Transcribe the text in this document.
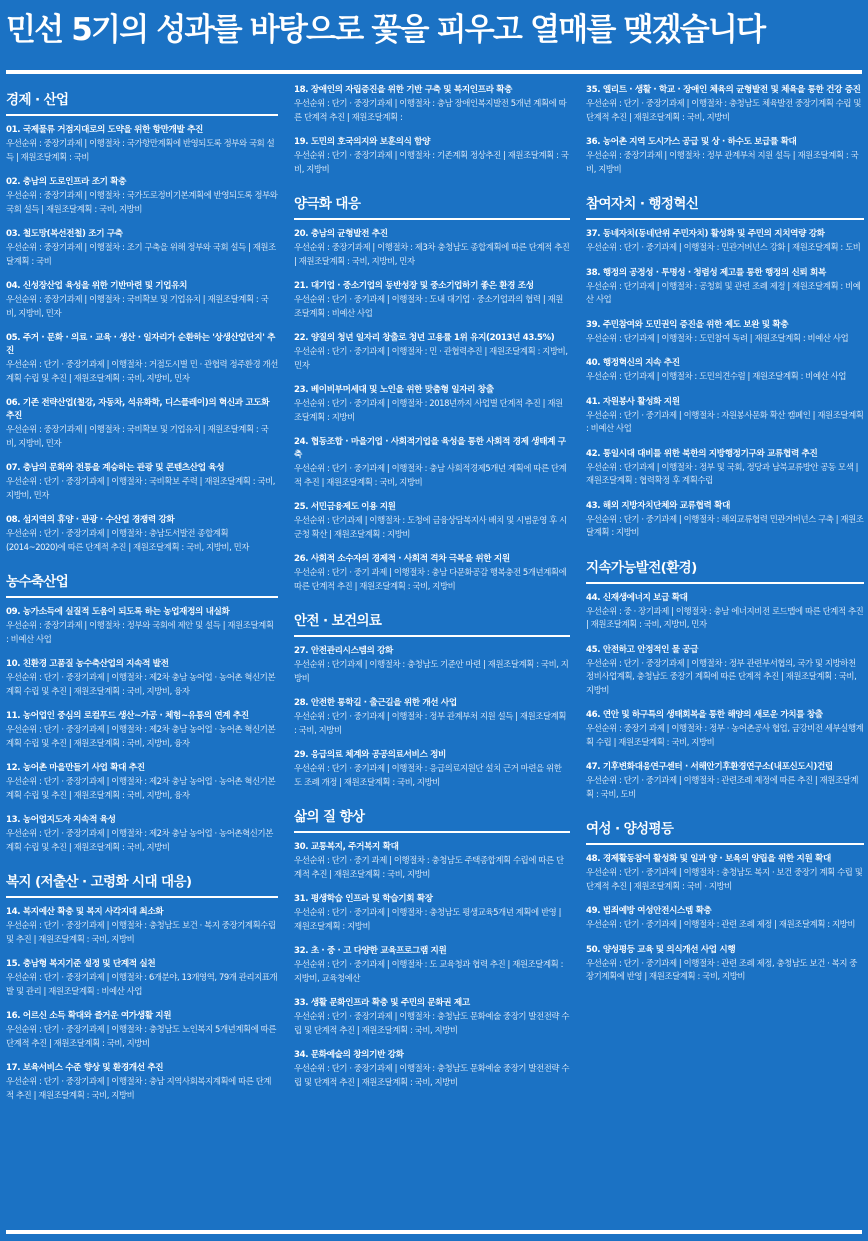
민선 5기의 성과를 바탕으로 꽃을 피우고 열매를 맺겠습니다
경제 · 산업
01. 국제물류 거점지대로의 도약을 위한 항만개발 추진
우선순위 : 중장기과제 | 이행절차 : 국가항만계획에 반영되도록 정부와 국회 설득 | 재원조달계획 : 국비
02. 충남의 도로인프라 조기 확충
우선순위 : 중장기과제 | 이행절차 : 국가도로정비기본계획에 반영되도록 정부와 국회 설득 | 재원조달계획 : 국비, 지방비
03. 철도망(복선전철) 조기 구축
우선순위 : 중장기과제 | 이행절차 : 조기 구축을 위해 정부와 국회 설득 | 재원조달계획 : 국비
04. 신성장산업 육성을 위한 기반마련 및 기업유치
우선순위 : 중장기과제 | 이행절차 : 국비확보 및 기업유치 | 재원조달계획 : 국비, 지방비, 민자
05. 주거 · 문화 · 의료 · 교육 · 생산 · 일자리가 순환하는 '상생산업단지' 추진
우선순위 : 단기 · 중장기과제 | 이행절차 : 거점도시별 민 · 관협력 정주환경 개선계획 수립 및 추진 | 재원조달계획 : 국비, 지방비, 민자
06. 기존 전략산업(철강, 자동차, 석유화학, 디스플레이)의 혁신과 고도화 추진
우선순위 : 중장기과제 | 이행절차 : 국비확보 및 기업유치 | 재원조달계획 : 국비, 지방비, 민자
07. 충남의 문화와 전통을 계승하는 관광 및 콘텐츠산업 육성
우선순위 : 단기 · 중장기과제 | 이행절차 : 국비확보 주력 | 재원조달계획 : 국비, 지방비, 민자
08. 섬지역의 휴양 · 관광 · 수산업 경쟁력 강화
우선순위 : 단기 · 중장기과제 | 이행절차 : 충남도서발전 종합계획 (2014~2020)에 따른 단계적 추진 | 재원조달계획 : 국비, 지방비, 민자
농수축산업
09. 농가소득에 실질적 도움이 되도록 하는 농업재정의 내실화
우선순위 : 중장기과제 | 이행절차 : 정부와 국회에 제안 및 설득 | 재원조달계획 : 비예산 사업
10. 친환경 고품질 농수축산업의 지속적 발전
우선순위 : 단기 · 중장기과제 | 이행절차 : 제2차 충남 농어업 · 농어촌 혁신기본계획 수립 및 추진 | 재원조달계획 : 국비, 지방비, 융자
11. 농어업인 중심의 로컬푸드 생산~가공 · 체험~유통의 연계 추진
우선순위 : 단기 · 중장기과제 | 이행절차 : 제2차 충남 농어업 · 농어촌 혁신기본계획 수립 및 추진 | 재원조달계획 : 국비, 지방비, 융자
12. 농어촌 마을만들기 사업 확대 추진
우선순위 : 단기 · 중장기과제 | 이행절차 : 제2차 충남 농어업 · 농어촌 혁신기본계획 수립 및 추진 | 재원조달계획 : 국비, 지방비, 융자
13. 농어업지도자 지속적 육성
우선순위 : 단기 · 중장기과제 | 이행절차 : 제2차 충남 농어업 · 농어촌혁신기본계획 수립 및 추진 | 재원조달계획 : 국비, 지방비
복지 (저출산 · 고령화 시대 대응)
14. 복지예산 확충 및 복지 사각지대 최소화
우선순위 : 단기 · 중장기과제 | 이행절차 : 충청남도 보건 · 복지 중장기계획수립 및 추진 | 재원조달계획 : 국비, 지방비
15. 충남형 복지기준 설정 및 단계적 실천
우선순위 : 단기 · 중장기과제 | 이행절차 : 6개분야, 13개영역, 79개 관리지표개발 및 관리 | 재원조달계획 : 비예산 사업
16. 어르신 소득 확대와 즐거운 여가생활 지원
우선순위 : 단기 · 중장기과제 | 이행절차 : 충청남도 노인복지 5개년계획에 따른 단계적 추진 | 재원조달계획 : 국비, 지방비
17. 보육서비스 수준 향상 및 환경개선 추진
우선순위 : 단기 · 중장기과제 | 이행절차 : 충남 지역사회복지계획에 따른 단계적 추진 | 재원조달계획 : 국비, 지방비
18. 장애인의 자립증진을 위한 기반 구축 및 복지인프라 확충
우선순위 : 단기 · 중장기과제 | 이행절차 : 충남 장애인복지발전 5개년 계획에 따른 단계적 추진 | 재원조달계획 :
19. 도민의 호국의지와 보훈의식 함양
우선순위 : 단기 · 중장기과제 | 이행절차 : 기존계획 정상추진 | 재원조달계획 : 국비, 지방비
양극화 대응
20. 충남의 균형발전 추진
우선순위 : 중장기과제 | 이행절차 : 제3차 충청남도 종합계획에 따른 단계적 추진 | 재원조달계획 : 국비, 지방비, 민자
21. 대기업 · 중소기업의 동반성장 및 중소기업하기 좋은 환경 조성
우선순위 : 단기 · 중기과제 | 이행절차 : 도내 대기업 · 중소기업과의 협력 | 재원조달계획 : 비예산 사업
22. 양질의 청년 일자리 창출로 청년 고용률 1위 유지(2013년 43.5%)
우선순위 : 단기 · 중기과제 | 이행절차 : 민 · 관협력추진 | 재원조달계획 : 지방비, 민자
23. 베이비부머세대 및 노인을 위한 맞춤형 일자리 창출
우선순위 : 단기 · 중기과제 | 이행절차 : 2018년까지 사업별 단계적 추진 | 재원조달계획 : 지방비
24. 협동조합 · 마을기업 · 사회적기업을 육성을 통한 사회적 경제 생태계 구축
우선순위 : 단기 · 중기과제 | 이행절차 : 충남 사회적경제5개년 계획에 따른 단계적 추진 | 재원조달계획 : 국비, 지방비
25. 서민금융제도 이용 지원
우선순위 : 단기과제 | 이행절차 : 도청에 금융상담복지사 배치 및 시범운영 후 시군청 확산 | 재원조달계획 : 지방비
26. 사회적 소수자의 경제적 · 사회적 격차 극복을 위한 지원
우선순위 : 단기 · 중기 과제 | 이행절차 : 충남 다문화공감 행복충전 5개년계획에 따른 단계적 추진 | 재원조달계획 : 국비, 지방비
안전 · 보건의료
27. 안전관리시스템의 강화
우선순위 : 단기과제 | 이행절차 : 충청남도 기준안 마련 | 재원조달계획 : 국비, 지방비
28. 안전한 통학길 · 출근길을 위한 개선 사업
우선순위 : 단기 · 중기과제 | 이행절차 : 정부 관계부처 지원 설득 | 재원조달계획 : 국비, 지방비
29. 응급의료 체계와 공공의료서비스 정비
우선순위 : 단기 · 중기과제 | 이행절차 : 응급의료지원단 설치 근거 마련을 위한 도 조례 개정 | 재원조달계획 : 국비, 지방비
삶의 질 향상
30. 교통복지, 주거복지 확대
우선순위 : 단기 · 중기 과제 | 이행절차 : 충청남도 주택종합계획 수립에 따른 단계적 추진 | 재원조달계획 : 국비, 지방비
31. 평생학습 인프라 및 학습기회 확장
우선순위 : 단기 · 중기과제 | 이행절차 : 충청남도 평생교육5개년 계획에 반영 | 재원조달계획 : 지방비
32. 초 · 중 · 고 다양한 교육프로그램 지원
우선순위 : 단기 · 중기과제 | 이행절차 : 도 교육청과 협력 추진 | 재원조달계획 : 지방비, 교육청예산
33. 생활 문화인프라 확충 및 주민의 문화권 제고
우선순위 : 단기 · 중장기과제 | 이행절차 : 충청남도 문화예술 중장기 발전전략 수립 및 단계적 추진 | 재원조달계획 : 국비, 지방비
34. 문화예술의 창의기반 강화
우선순위 : 단기 · 중장기과제 | 이행절차 : 충청남도 문화예술 중장기 발전전략 수립 및 단계적 추진 | 재원조달계획 : 국비, 지방비
35. 엘리트 · 생활 · 학교 · 장애인 체육의 균형발전 및 체육을 통한 건강 증진
우선순위 : 단기 · 중장기과제 | 이행절차 : 충청남도 체육발전 중장기계획 수립 및 단계적 추진 | 재원조달계획 : 국비, 지방비
36. 농어촌 지역 도시가스 공급 및 상 · 하수도 보급률 확대
우선순위 : 중장기과제 | 이행절차 : 정부 관계부처 지원 설득 | 재원조달계획 : 국비, 지방비
참여자치 · 행정혁신
37. 동네자치(동네단위 주민자치) 활성화 및 주민의 지치역량 강화
우선순위 : 단기 · 중기과제 | 이행절차 : 민관거버넌스 강화 | 재원조달계획 : 도비
38. 행정의 공정성 · 투명성 · 청렴성 제고를 통한 행정의 신뢰 회복
우선순위 : 단기과제 | 이행절차 : 공청회 및 관련 조례 제정 | 재원조달계획 : 비예산 사업
39. 주민참여와 도민권익 증진을 위한 제도 보완 및 확충
우선순위 : 단기과제 | 이행절차 : 도민참여 독려 | 재원조달계획 : 비예산 사업
40. 행정혁신의 지속 추진
우선순위 : 단기과제 | 이행절차 : 도민의견수렴 | 재원조달계획 : 비예산 사업
41. 자원봉사 활성화 지원
우선순위 : 단기 · 중기과제 | 이행절차 : 자원봉사문화 확산 캠페인 | 재원조달계획 : 비예산 사업
42. 통일시대 대비를 위한 북한의 지방행정기구와 교류협력 추진
우선순위 : 단기과제 | 이행절차 : 정부 및 국회, 정당과 남북교류방안 공동 모색 | 재원조달계획 : 협력확정 후 계획수립
43. 해외 지방자치단체와 교류협력 확대
우선순위 : 단기 · 중기과제 | 이행절차 : 해외교류협력 민관거버넌스 구축 | 재원조달계획 : 지방비
지속가능발전(환경)
44. 신재생에너지 보급 확대
우선순위 : 중 · 장기과제 | 이행절차 : 충남 에너지비전 로드맵에 따른 단계적 추진 | 재원조달계획 : 국비, 지방비, 민자
45. 안전하고 안정적인 물 공급
우선순위 : 단기 · 중장기과제 | 이행절차 : 정부 관련부서협의, 국가 및 지방하천 정비사업계획, 충청남도 중장기 계획에 따른 단계적 추진 | 재원조달계획 : 국비, 지방비
46. 연안 및 하구특의 생태회복을 통한 해양의 새로운 가치를 창출
우선순위 : 중장기 과제 | 이행절차 : 정부 · 농어촌공사 협업, 금강비전 세부실행계획 수립 | 재원조달계획 : 국비, 지방비
47. 기후변화대응연구센터 · 서해안기후환경연구소(내포신도시)건립
우선순위 : 단기 · 중기과제 | 이행절차 : 관련조례 제정에 따른 추진 | 재원조달계획 : 국비, 도비
여성 · 양성평등
48. 경제활동참여 활성화 및 일과 양 · 보육의 양립을 위한 지원 확대
우선순위 : 단기 · 중기과제 | 이행절차 : 충청남도 복지 · 보건 중장기 계획 수립 및 단계적 추진 | 재원조달계획 : 국비 · 지방비
49. 범죄예방 여성안전시스템 확충
우선순위 : 단기 · 중기과제 | 이행절차 : 관련 조례 제정 | 재원조달계획 : 지방비
50. 양성평등 교육 및 의식개선 사업 시행
우선순위 : 단기 · 중기과제 | 이행절차 : 관련 조례 제정, 충청남도 보건 · 복지 중장기계획에 반영 | 재원조달계획 : 국비, 지방비
